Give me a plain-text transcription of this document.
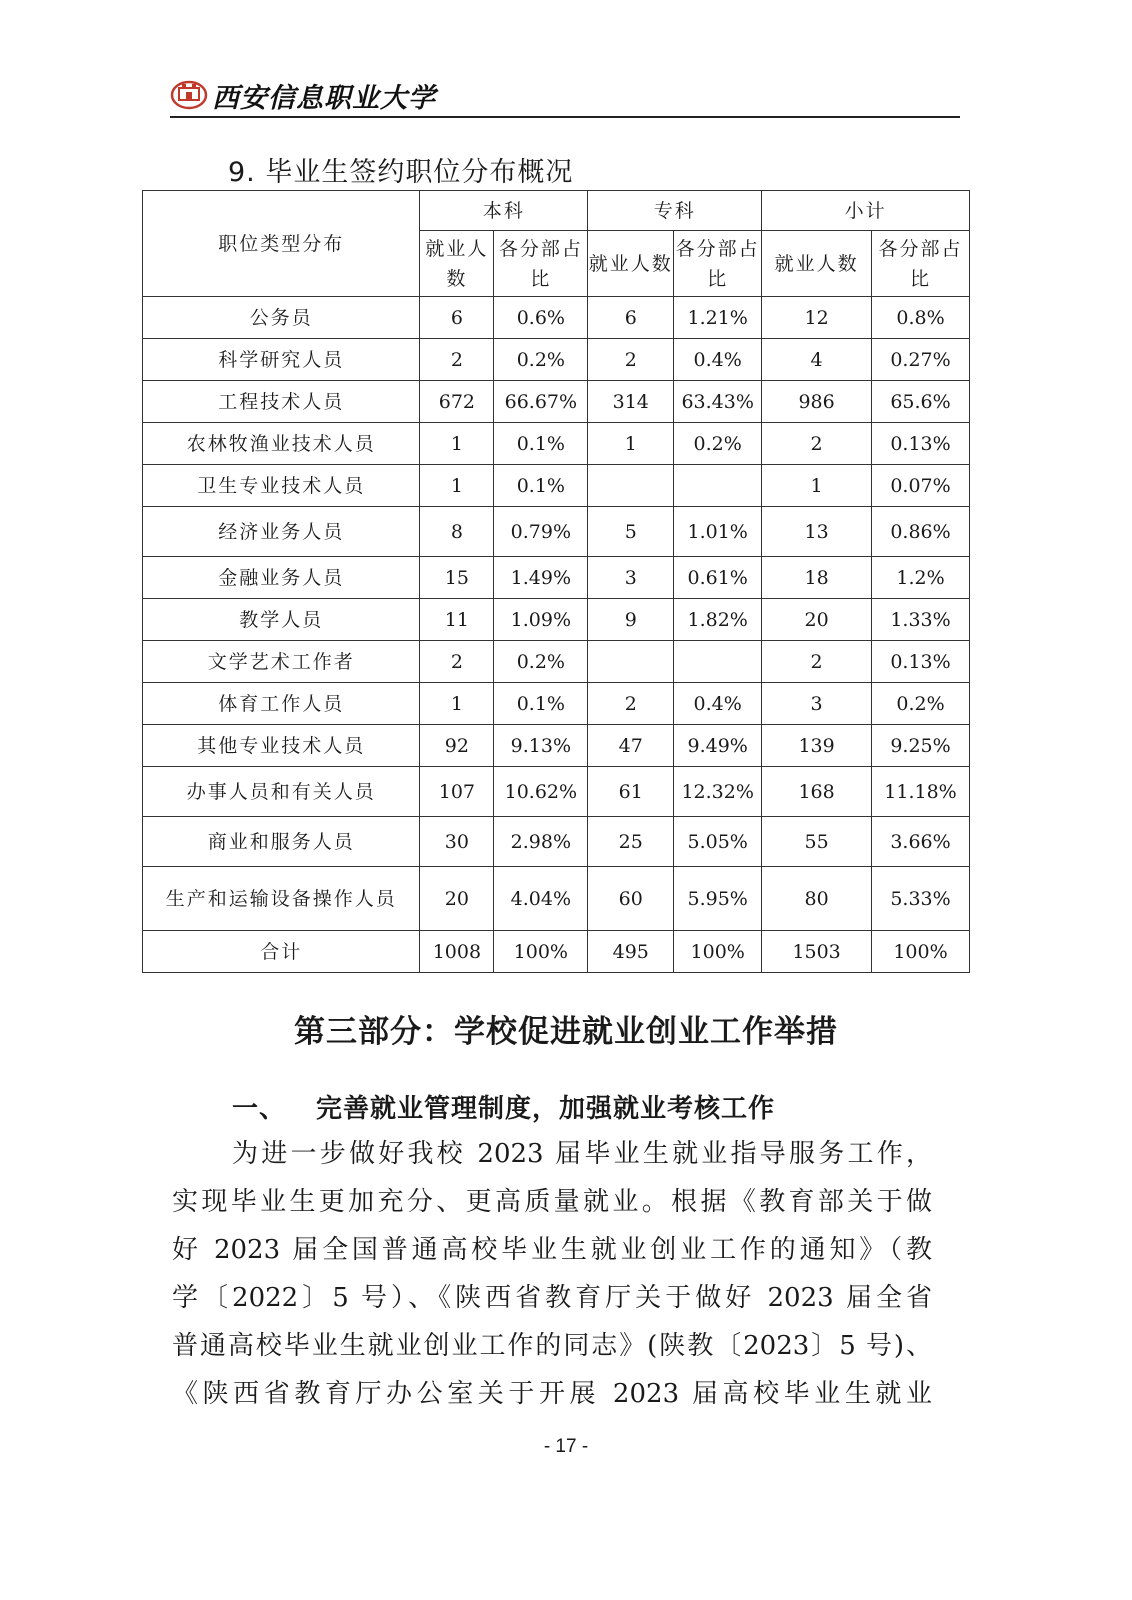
西安信息职业大学
9. 毕业生签约职位分布概况
职位类型分布	本科		专科		小计	
	就业人数	各分部占比	就业人数	各分部占比	就业人数	各分部占比
公务员	6	0.6%	6	1.21%	12	0.8%
科学研究人员	2	0.2%	2	0.4%	4	0.27%
工程技术人员	672	66.67%	314	63.43%	986	65.6%
农林牧渔业技术人员	1	0.1%	1	0.2%	2	0.13%
卫生专业技术人员	1	0.1%			1	0.07%
经济业务人员	8	0.79%	5	1.01%	13	0.86%
金融业务人员	15	1.49%	3	0.61%	18	1.2%
教学人员	11	1.09%	9	1.82%	20	1.33%
文学艺术工作者	2	0.2%			2	0.13%
体育工作人员	1	0.1%	2	0.4%	3	0.2%
其他专业技术人员	92	9.13%	47	9.49%	139	9.25%
办事人员和有关人员	107	10.62%	61	12.32%	168	11.18%
商业和服务人员	30	2.98%	25	5.05%	55	3.66%
生产和运输设备操作人员	20	4.04%	60	5.95%	80	5.33%
合计	1008	100%	495	100%	1503	100%
第三部分：学校促进就业创业工作举措
一、 完善就业管理制度，加强就业考核工作
为进一步做好我校 2023 届毕业生就业指导服务工作，
实现毕业生更加充分、更高质量就业。根据《教育部关于做
好 2023 届全国普通高校毕业生就业创业工作的通知》（教
学〔2022〕5 号）、《陕西省教育厅关于做好 2023 届全省
普通高校毕业生就业创业工作的同志》(陕教〔2023〕5 号)、
《陕西省教育厅办公室关于开展 2023 届高校毕业生就业
- 17 -
